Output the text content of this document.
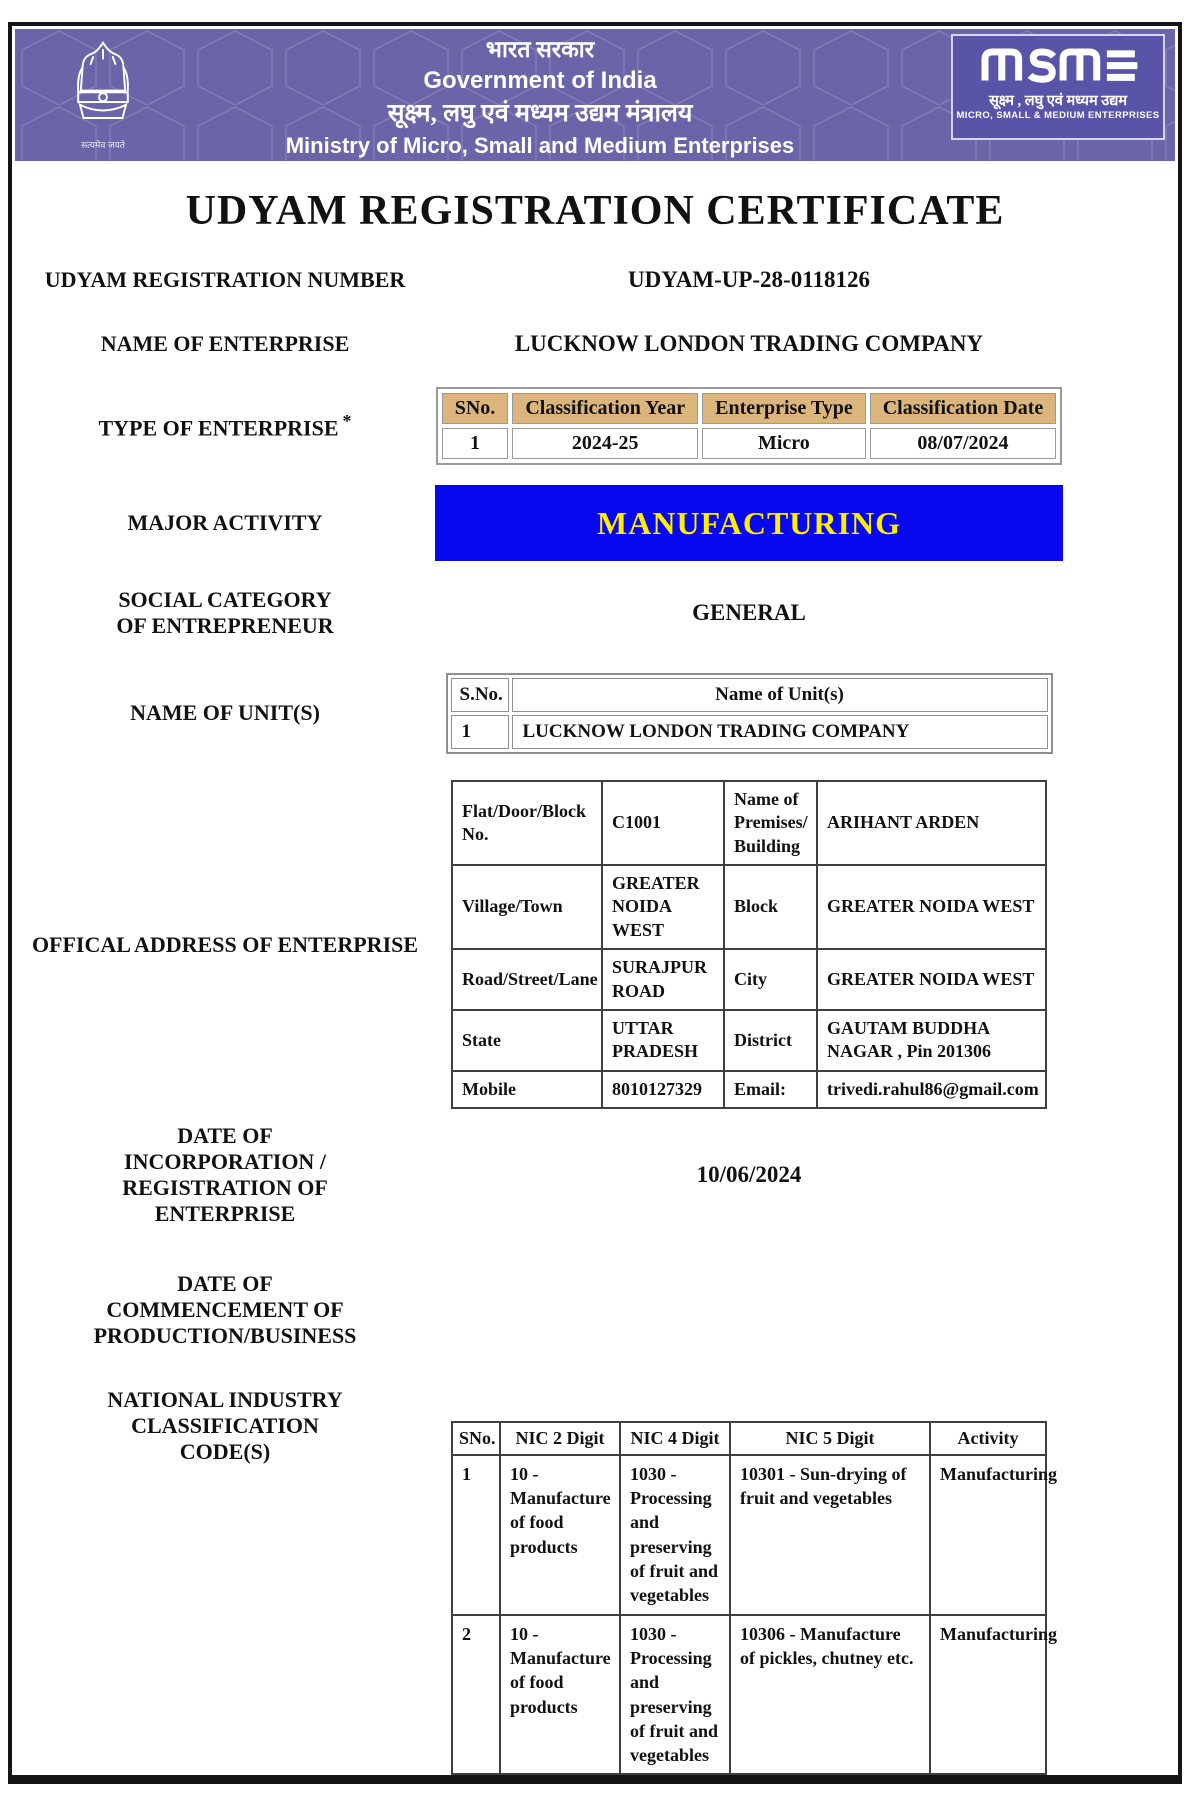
सत्यमेव जयते
भारत सरकार
Government of India
सूक्ष्म, लघु एवं मध्यम उद्यम मंत्रालय
Ministry of Micro, Small and Medium Enterprises
सूक्ष्म , लघु एवं मध्यम उद्यम
MICRO, SMALL & MEDIUM ENTERPRISES
UDYAM REGISTRATION CERTIFICATE
UDYAM REGISTRATION NUMBER	UDYAM-UP-28-0118126
NAME OF ENTERPRISE	LUCKNOW LONDON TRADING COMPANY
TYPE OF ENTERPRISE *
SNo.	Classification Year	Enterprise Type	Classification Date
1	2024-25	Micro	08/07/2024
MAJOR ACTIVITY	MANUFACTURING
SOCIAL CATEGORY OF ENTREPRENEUR
GENERAL
NAME OF UNIT(S)
S.No.	Name of Unit(s)
1	LUCKNOW LONDON TRADING COMPANY
OFFICAL ADDRESS OF ENTERPRISE
Flat/Door/Block No.	C1001	Name of Premises/ Building	ARIHANT ARDEN
Village/Town	GREATER NOIDA WEST	Block	GREATER NOIDA WEST
Road/Street/Lane	SURAJPUR ROAD	City	GREATER NOIDA WEST
State	UTTAR PRADESH	District	GAUTAM BUDDHA NAGAR , Pin 201306
Mobile	8010127329	Email:	trivedi.rahul86@gmail.com
DATE OF INCORPORATION / REGISTRATION OF ENTERPRISE
10/06/2024
DATE OF COMMENCEMENT OF PRODUCTION/BUSINESS
NATIONAL INDUSTRY CLASSIFICATION CODE(S)
SNo.	NIC 2 Digit	NIC 4 Digit	NIC 5 Digit	Activity
1	10 - Manufacture of food products	1030 - Processing and preserving of fruit and vegetables	10301 - Sun-drying of fruit and vegetables	Manufacturing
2	10 - Manufacture of food products	1030 - Processing and preserving of fruit and vegetables	10306 - Manufacture of pickles, chutney etc.	Manufacturing
